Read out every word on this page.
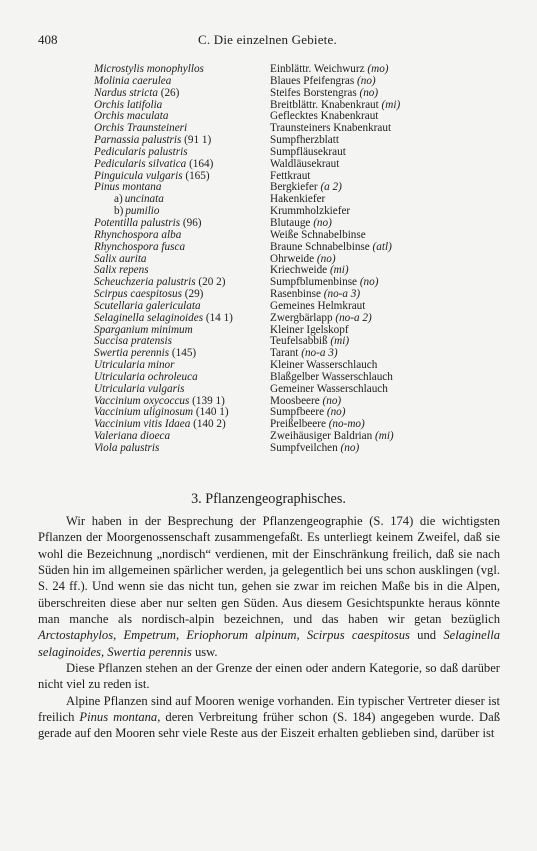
408	C. Die einzelnen Gebiete.
Microstylis monophyllos	Einblättr. Weichwurz (mo)
Molinia caerulea	Blaues Pfeifengras (no)
Nardus stricta (26)	Steifes Borstengras (no)
Orchis latifolia	Breitblättr. Knabenkraut (mi)
Orchis maculata	Geflecktes Knabenkraut
Orchis Traunsteineri	Traunsteiners Knabenkraut
Parnassia palustris (91 1)	Sumpfherzblatt
Pedicularis palustris	Sumpfläusekraut
Pedicularis silvatica (164)	Waldläusekraut
Pinguicula vulgaris (165)	Fettkraut
Pinus montana	Bergkiefer (a 2)
a) uncinata	Hakenkiefer
b) pumilio	Krummholzkiefer
Potentilla palustris (96)	Blutauge (no)
Rhynchospora alba	Weiße Schnabelbinse
Rhynchospora fusca	Braune Schnabelbinse (atl)
Salix aurita	Ohrweide (no)
Salix repens	Kriechweide (mi)
Scheuchzeria palustris (20 2)	Sumpfblumenbinse (no)
Scirpus caespitosus (29)	Rasenbinse (no-a 3)
Scutellaria galericulata	Gemeines Helmkraut
Selaginella selaginoides (14 1)	Zwergbärlapp (no-a 2)
Sparganium minimum	Kleiner Igelskopf
Succisa pratensis	Teufelsabbiß (mi)
Swertia perennis (145)	Tarant (no-a 3)
Utricularia minor	Kleiner Wasserschlauch
Utricularia ochroleuca	Blaßgelber Wasserschlauch
Utricularia vulgaris	Gemeiner Wasserschlauch
Vaccinium oxycoccus (139 1)	Moosbeere (no)
Vaccinium uliginosum (140 1)	Sumpfbeere (no)
Vaccinium vitis Idaea (140 2)	Preißelbeere (no-mo)
Valeriana dioeca	Zweihäusiger Baldrian (mi)
Viola palustris	Sumpfveilchen (no)
3. Pflanzengeographisches.

Wir haben in der Besprechung der Pflanzengeographie (S. 174) die wichtigsten Pflanzen der Moorgenossenschaft zusammengefaßt. Es unterliegt keinem Zweifel, daß sie wohl die Bezeichnung „nordisch“ verdienen, mit der Einschränkung freilich, daß sie nach Süden hin im allgemeinen spärlicher werden, ja gelegentlich bei uns schon ausklingen (vgl. S. 24 ff.). Und wenn sie das nicht tun, gehen sie zwar im reichen Maße bis in die Alpen, überschreiten diese aber nur selten gen Süden. Aus diesem Gesichtspunkte heraus könnte man manche als nordisch-alpin bezeichnen, und das haben wir getan bezüglich Arctostaphylos, Empetrum, Eriophorum alpinum, Scirpus caespitosus und Selaginella selaginoides, Swertia perennis usw.

Diese Pflanzen stehen an der Grenze der einen oder andern Kategorie, so daß darüber nicht viel zu reden ist.

Alpine Pflanzen sind auf Mooren wenige vorhanden. Ein typischer Vertreter dieser ist freilich Pinus montana, deren Verbreitung früher schon (S. 184) angegeben wurde. Daß gerade auf den Mooren sehr viele Reste aus der Eiszeit erhalten geblieben sind, darüber ist
